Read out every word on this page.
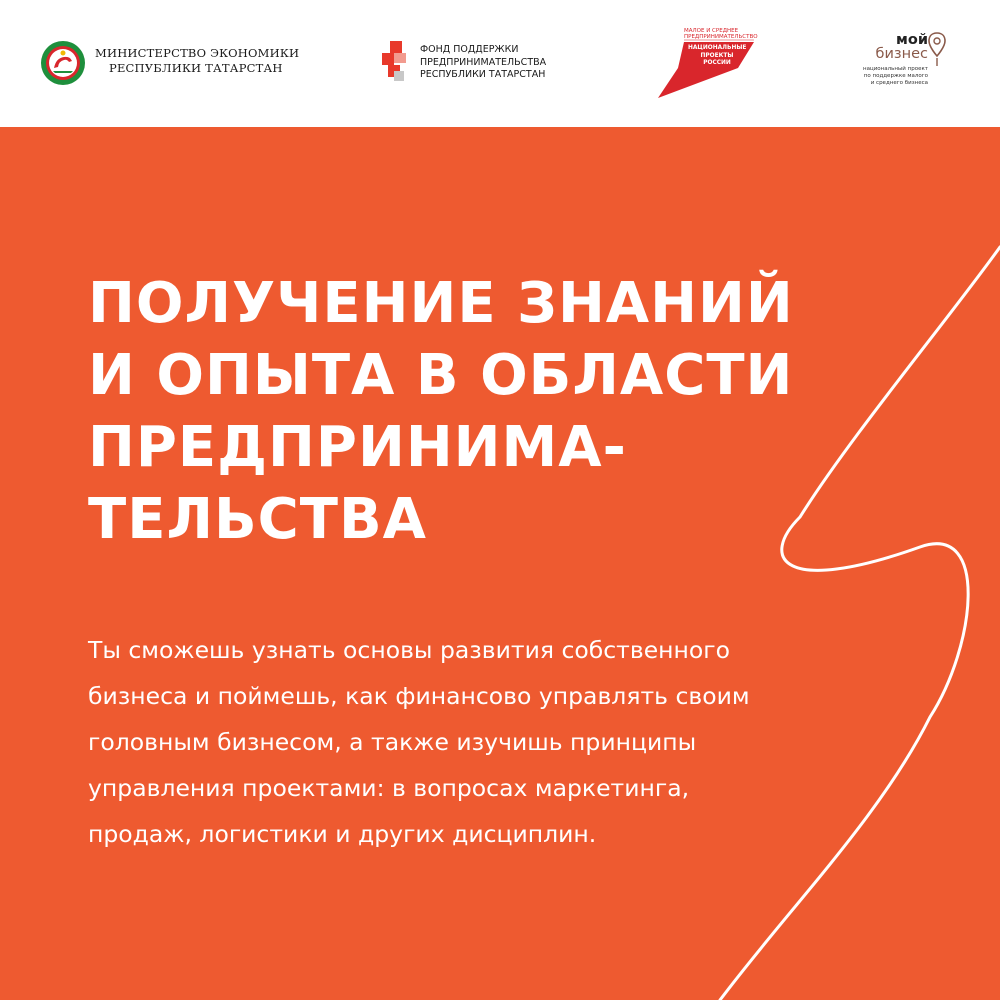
МИНИСТЕРСТВО ЭКОНОМИКИ
РЕСПУБЛИКИ ТАТАРСТАН
ФОНД ПОДДЕРЖКИ
ПРЕДПРИНИМАТЕЛЬСТВА
РЕСПУБЛИКИ ТАТАРСТАН
МАЛОЕ И СРЕДНЕЕ
ПРЕДПРИНИМАТЕЛЬСТВО
НАЦИОНАЛЬНЫЕ
ПРОЕКТЫ
РОССИИ
мой
бизнес
национальный проект
по поддержке малого
и среднего бизнеса
ПОЛУЧЕНИЕ ЗНАНИЙ
И ОПЫТА В ОБЛАСТИ
ПРЕДПРИНИМА-
ТЕЛЬСТВА
Ты сможешь узнать основы развития собственного
бизнеса и поймешь, как финансово управлять своим
головным бизнесом, а также изучишь принципы
управления проектами: в вопросах маркетинга,
продаж, логистики и других дисциплин.
